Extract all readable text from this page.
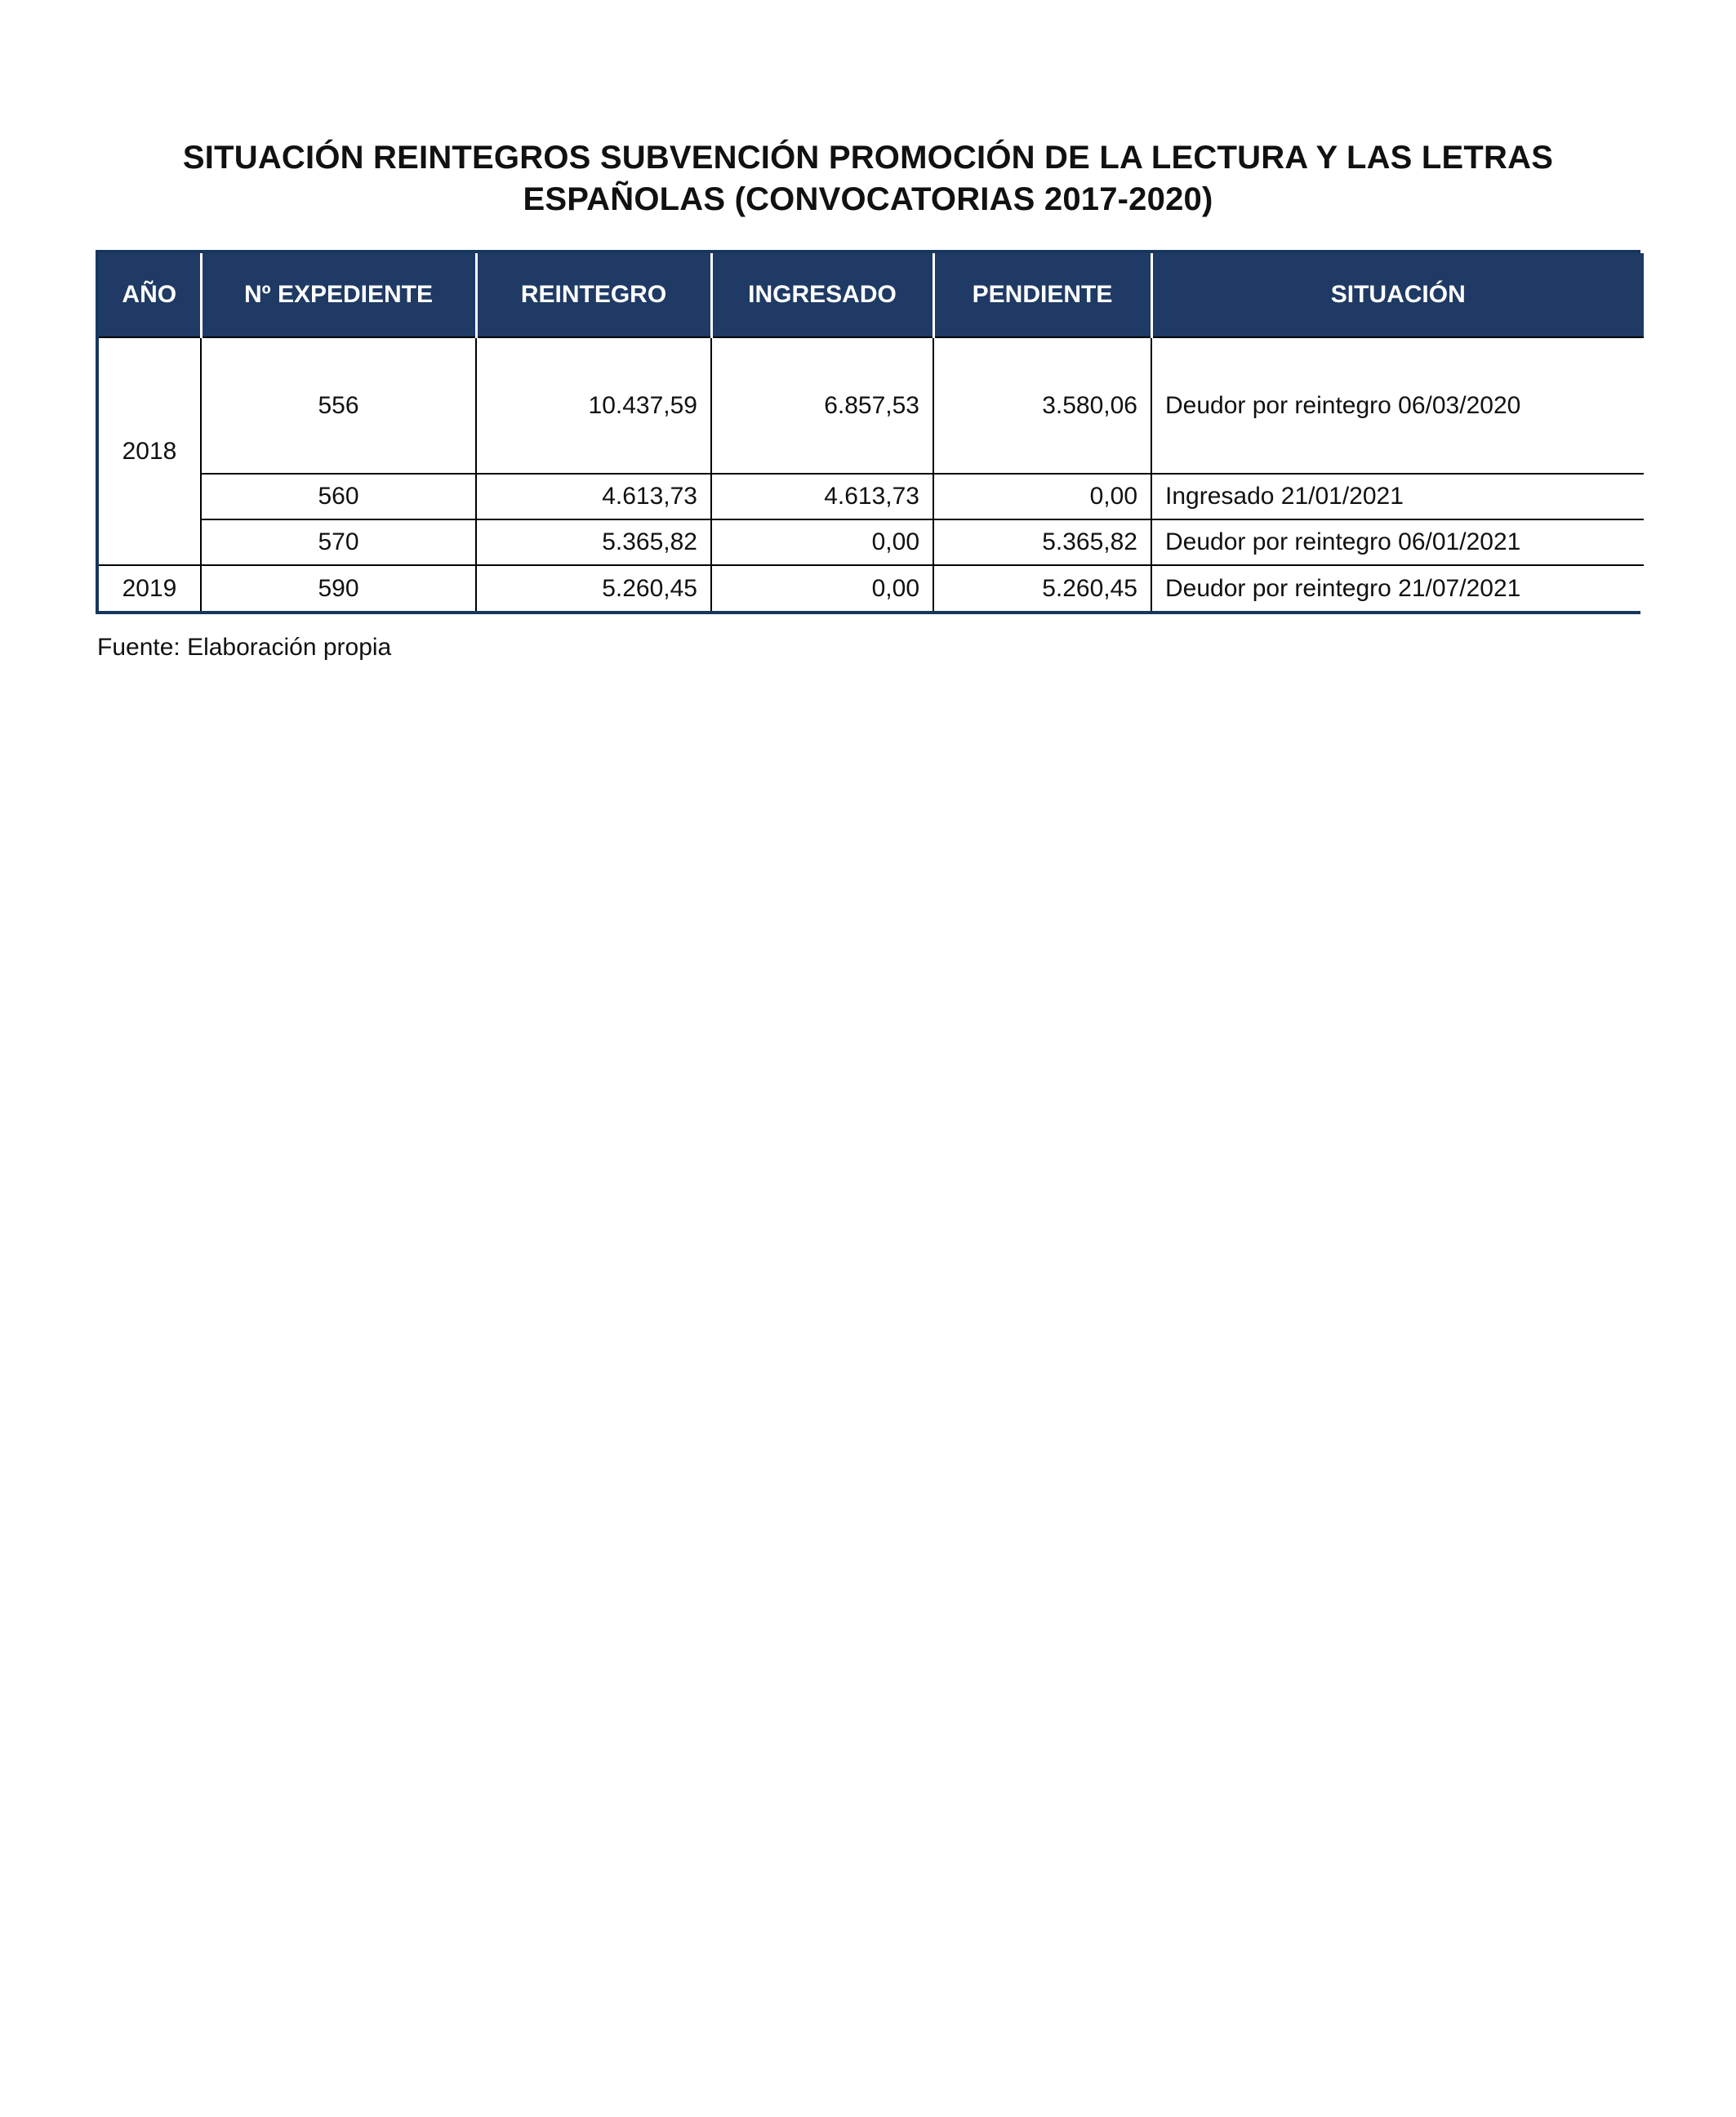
SITUACIÓN REINTEGROS SUBVENCIÓN PROMOCIÓN DE LA LECTURA Y LAS LETRAS
ESPAÑOLAS (CONVOCATORIAS 2017-2020)
AÑO	Nº EXPEDIENTE	REINTEGRO	INGRESADO	PENDIENTE	SITUACIÓN
2018	556	10.437,59	6.857,53	3.580,06	Deudor por reintegro 06/03/2020
	560	4.613,73	4.613,73	0,00	Ingresado 21/01/2021
	570	5.365,82	0,00	5.365,82	Deudor por reintegro 06/01/2021
2019	590	5.260,45	0,00	5.260,45	Deudor por reintegro 21/07/2021
Fuente: Elaboración propia
